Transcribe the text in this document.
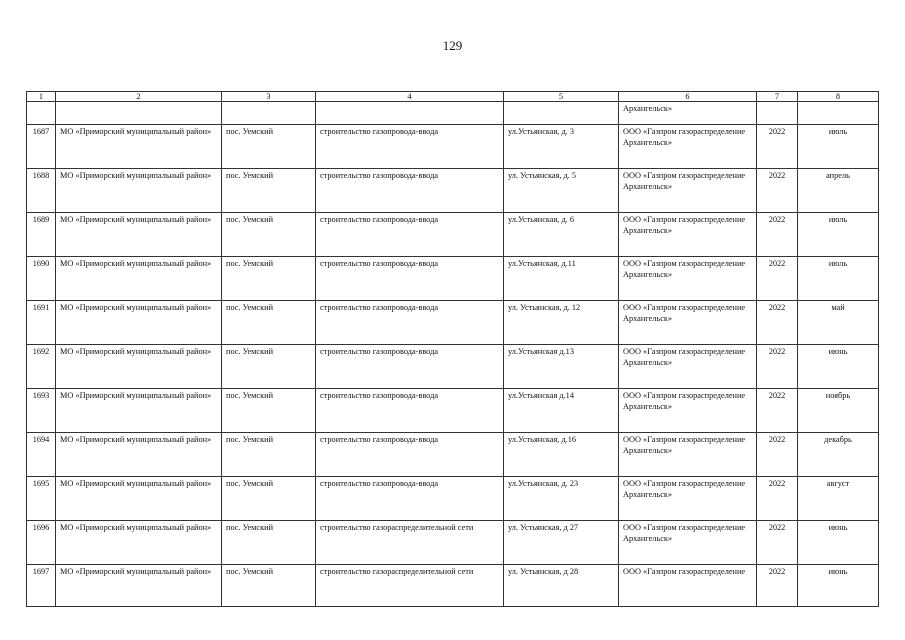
129
1	2	3	4	5	6	7	8
					Архангельск»		
1687	МО «Приморский муниципальный район»	пос. Уемский	строительство газопровода-ввода	ул.Устьянская, д. 3	ООО «Газпром газораспределение Архангельск»	2022	июль
1688	МО «Приморский муниципальный район»	пос. Уемский	строительство газопровода-ввода	ул. Устьянская, д. 5	ООО «Газпром газораспределение Архангельск»	2022	апрель
1689	МО «Приморский муниципальный район»	пос. Уемский	строительство газопровода-ввода	ул.Устьянская, д. 6	ООО «Газпром газораспределение Архангельск»	2022	июль
1690	МО «Приморский муниципальный район»	пос. Уемский	строительство газопровода-ввода	ул.Устьянская, д.11	ООО «Газпром газораспределение Архангельск»	2022	июль
1691	МО «Приморский муниципальный район»	пос. Уемский	строительство газопровода-ввода	ул. Устьянская, д. 12	ООО «Газпром газораспределение Архангельск»	2022	май
1692	МО «Приморский муниципальный район»	пос. Уемский	строительство газопровода-ввода	ул.Устьянская д.13	ООО «Газпром газораспределение Архангельск»	2022	июнь
1693	МО «Приморский муниципальный район»	пос. Уемский	строительство газопровода-ввода	ул.Устьянская д.14	ООО «Газпром газораспределение Архангельск»	2022	ноябрь
1694	МО «Приморский муниципальный район»	пос. Уемский	строительство газопровода-ввода	ул.Устьянская, д.16	ООО «Газпром газораспределение Архангельск»	2022	декабрь
1695	МО «Приморский муниципальный район»	пос. Уемский	строительство газопровода-ввода	ул.Устьянская, д. 23	ООО «Газпром газораспределение Архангельск»	2022	август
1696	МО «Приморский муниципальный район»	пос. Уемский	строительство газораспределительной сети	ул. Устьянская, д 27	ООО «Газпром газораспределение Архангельск»	2022	июнь
1697	МО «Приморский муниципальный район»	пос. Уемский	строительство газораспределительной сети	ул. Устьянская, д 28	ООО «Газпром газораспределение	2022	июнь
